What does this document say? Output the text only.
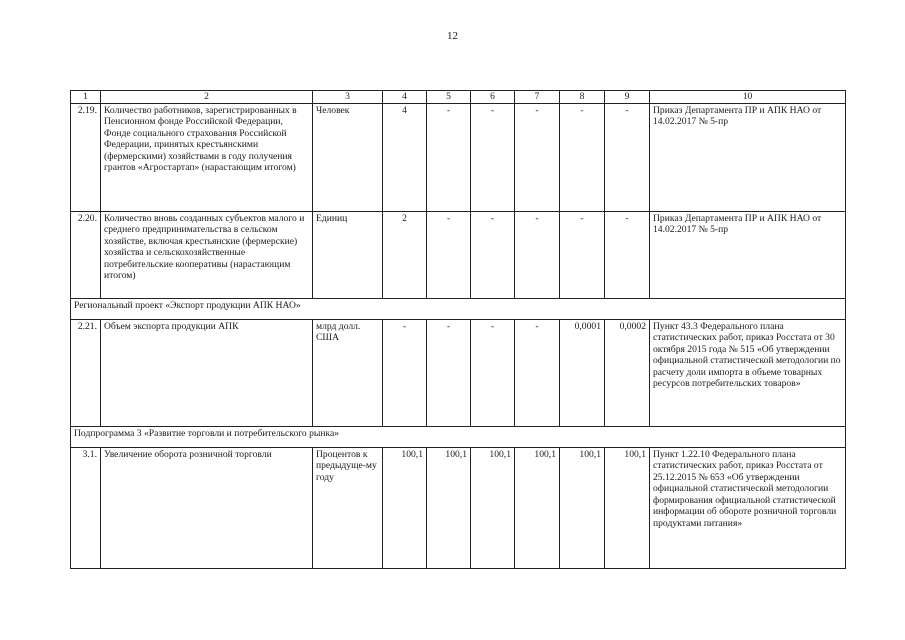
12
1	2	3	4	5	6	7	8	9	10
2.19.	Количество работников, зарегистрированных в Пенсионном фонде Российской Федерации, Фонде социального страхования Российской Федерации, принятых крестьянскими (фермерскими) хозяйствами в году получения грантов «Агростартап» (нарастающим итогом)	Человек	4	-	-	-	-	-	Приказ Департамента ПР и АПК НАО от 14.02.2017 № 5-пр
2.20.	Количество вновь созданных субъектов малого и среднего предпринимательства в сельском хозяйстве, включая крестьянские (фермерские) хозяйства и сельскохозяйственные потребительские кооперативы (нарастающим итогом)	Единиц	2	-	-	-	-	-	Приказ Департамента ПР и АПК НАО от 14.02.2017 № 5-пр
Региональный проект «Экспорт продукции АПК НАО»									
2.21.	Объем экспорта продукции АПК	млрд долл. США	-	-	-	-	0,0001	0,0002	Пункт 43.3 Федерального плана статистических работ, приказ Росстата от 30 октября 2015 года № 515 «Об утверждении официальной статистической методологии по расчету доли импорта в объеме товарных ресурсов потребительских товаров»
Подпрограмма 3 «Развитие торговли и потребительского рынка»									
3.1.	Увеличение оборота розничной торговли	Процентов к предыдуще-му году	100,1	100,1	100,1	100,1	100,1	100,1	Пункт 1.22.10 Федерального плана статистических работ, приказ Росстата от 25.12.2015 № 653 «Об утверждении официальной статистической методологии формирования официальной статистической информации об обороте розничной торговли продуктами питания»
